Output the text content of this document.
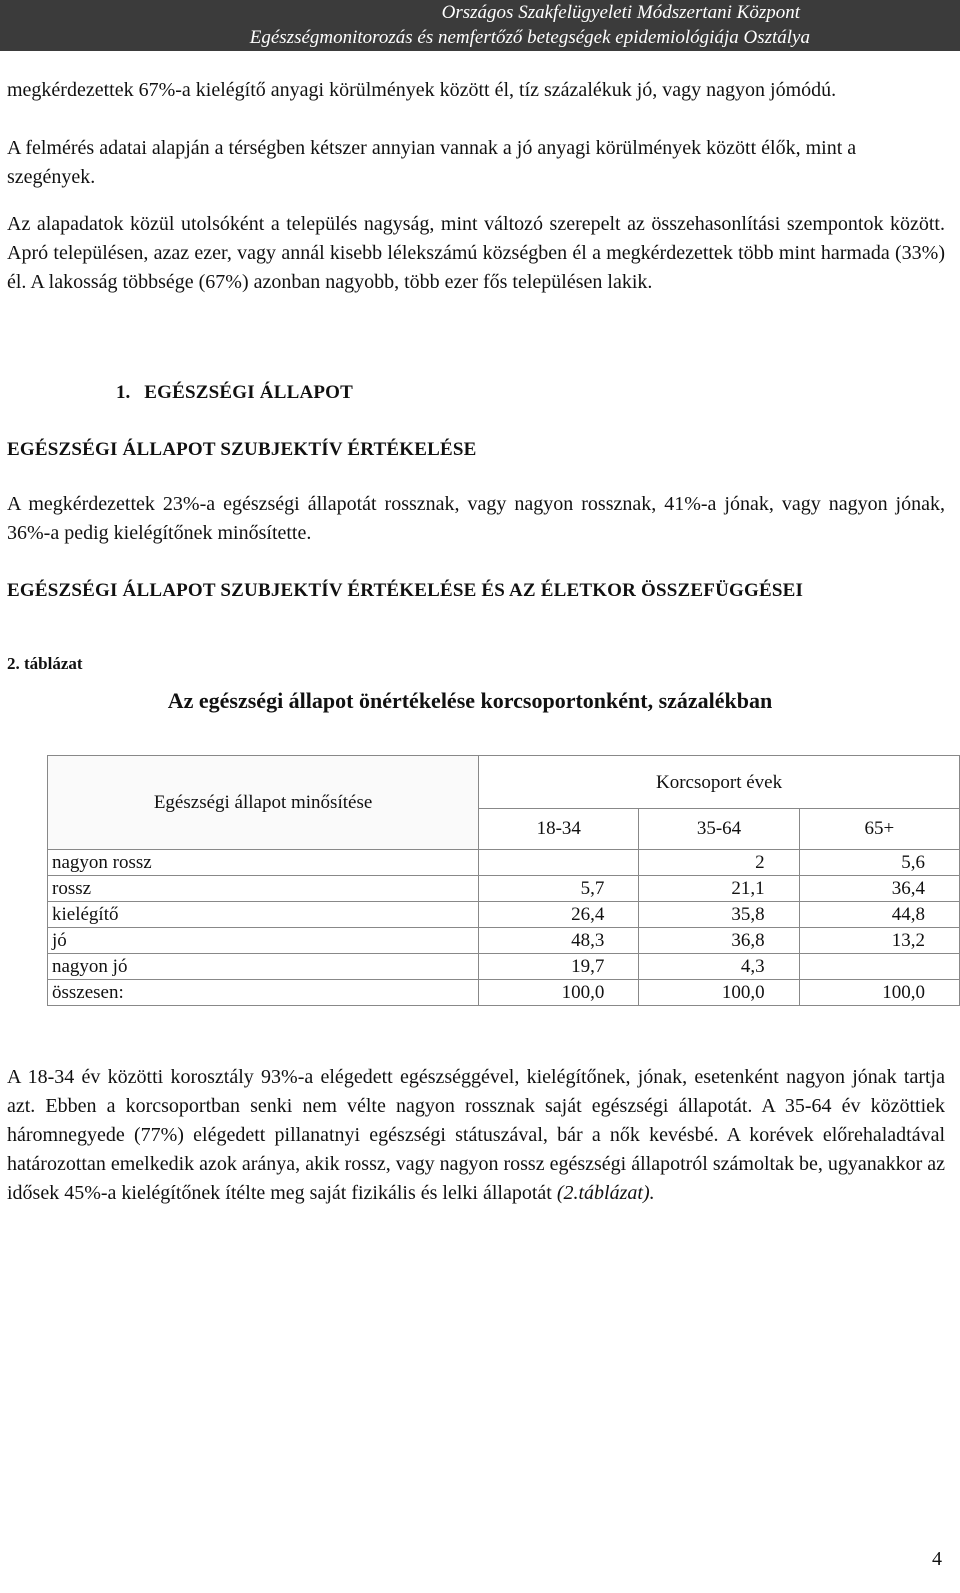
Országos Szakfelügyeleti Módszertani Központ
Egészségmonitorozás és nemfertőző betegségek epidemiológiája Osztálya
megkérdezettek 67%-a kielégítő anyagi körülmények között él, tíz százalékuk jó, vagy nagyon jómódú.
A felmérés adatai alapján a térségben kétszer annyian vannak a jó anyagi körülmények között élők, mint a szegények.
Az alapadatok közül utolsóként a település nagyság, mint változó szerepelt az összehasonlítási szempontok között. Apró településen, azaz ezer, vagy annál kisebb lélekszámú községben él a megkérdezettek több mint harmada (33%) él. A lakosság többsége (67%) azonban nagyobb, több ezer fős településen lakik.
1. EGÉSZSÉGI ÁLLAPOT
EGÉSZSÉGI ÁLLAPOT SZUBJEKTÍV ÉRTÉKELÉSE
A megkérdezettek 23%-a egészségi állapotát rossznak, vagy nagyon rossznak, 41%-a jónak, vagy nagyon jónak, 36%-a pedig kielégítőnek minősítette.
EGÉSZSÉGI ÁLLAPOT SZUBJEKTÍV ÉRTÉKELÉSE ÉS AZ ÉLETKOR ÖSSZEFÜGGÉSEI
2. táblázat
Az egészségi állapot önértékelése korcsoportonként, százalékban
Egészségi állapot minősítése	Korcsoport évek		
	18-34	35-64	65+
nagyon rossz		2	5,6
rossz	5,7	21,1	36,4
kielégítő	26,4	35,8	44,8
jó	48,3	36,8	13,2
nagyon jó	19,7	4,3	
összesen:	100,0	100,0	100,0
A 18-34 év közötti korosztály 93%-a elégedett egészséggével, kielégítőnek, jónak, esetenként nagyon jónak tartja azt. Ebben a korcsoportban senki nem vélte nagyon rossznak saját egészségi állapotát. A 35-64 év közöttiek háromnegyede (77%) elégedett pillanatnyi egészségi státuszával, bár a nők kevésbé. A korévek előrehaladtával határozottan emelkedik azok aránya, akik rossz, vagy nagyon rossz egészségi állapotról számoltak be, ugyanakkor az idősek 45%-a kielégítőnek ítélte meg saját fizikális és lelki állapotát (2.táblázat).
4
